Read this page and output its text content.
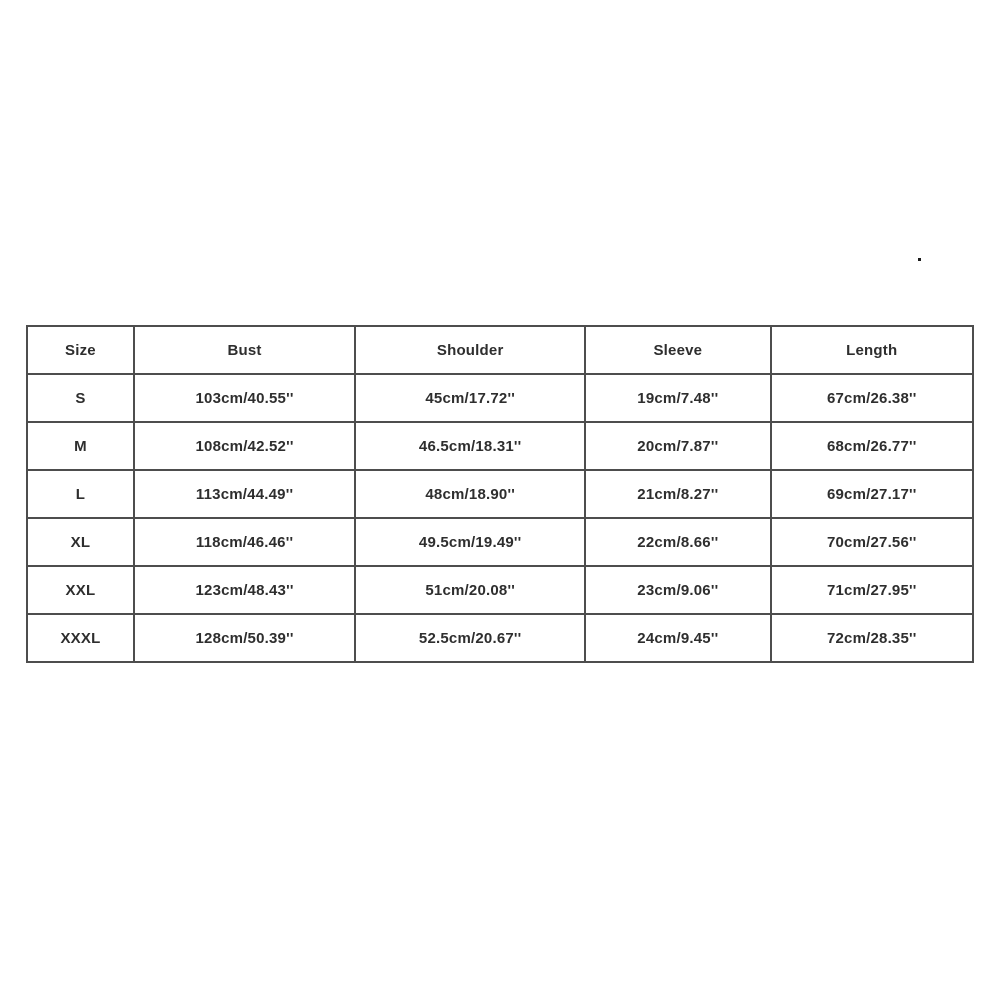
Size	Bust	Shoulder	Sleeve	Length
S	103cm/40.55''	45cm/17.72''	19cm/7.48''	67cm/26.38''
M	108cm/42.52''	46.5cm/18.31''	20cm/7.87''	68cm/26.77''
L	113cm/44.49''	48cm/18.90''	21cm/8.27''	69cm/27.17''
XL	118cm/46.46''	49.5cm/19.49''	22cm/8.66''	70cm/27.56''
XXL	123cm/48.43''	51cm/20.08''	23cm/9.06''	71cm/27.95''
XXXL	128cm/50.39''	52.5cm/20.67''	24cm/9.45''	72cm/28.35''
